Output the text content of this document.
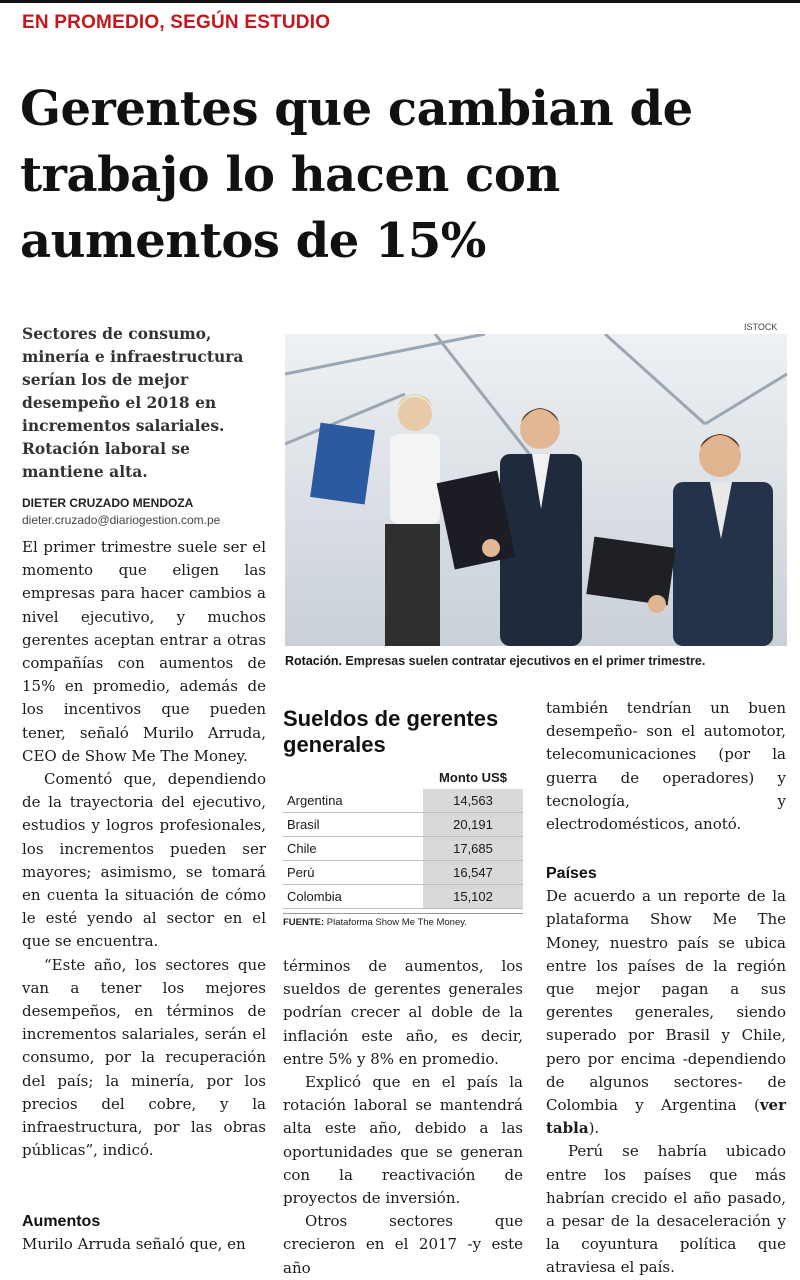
EN PROMEDIO, SEGÚN ESTUDIO
Gerentes que cambian de trabajo lo hacen con aumentos de 15%
Sectores de consumo, minería e infraestructura serían los de mejor desempeño el 2018 en incrementos salariales. Rotación laboral se mantiene alta.
DIETER CRUZADO MENDOZA
dieter.cruzado@diariogestion.com.pe
ISTOCK
Rotación. Empresas suelen contratar ejecutivos en el primer trimestre.

El primer trimestre suele ser el momento que eligen las empresas para hacer cambios a nivel ejecutivo, y muchos gerentes aceptan entrar a otras compañías con aumentos de 15% en promedio, además de los incentivos que pueden tener, señaló Murilo Arruda, CEO de Show Me The Money.

Comentó que, dependiendo de la trayectoria del ejecutivo, estudios y logros profesionales, los incrementos pueden ser mayores; asimismo, se tomará en cuenta la situación de cómo le esté yendo al sector en el que se encuentra.

“Este año, los sectores que van a tener los mejores desempeños, en términos de incrementos salariales, serán el consumo, por la recuperación del país; la minería, por los precios del cobre, y la infraestructura, por las obras públicas”, indicó.

Aumentos

Murilo Arruda señaló que, en

Sueldos de gerentes generales
	Monto US$
Argentina	14,563
Brasil	20,191
Chile	17,685
Perú	16,547
Colombia	15,102
FUENTE: Plataforma Show Me The Money.

términos de aumentos, los sueldos de gerentes generales podrían crecer al doble de la inflación este año, es decir, entre 5% y 8% en promedio.

Explicó que en el país la rotación laboral se mantendrá alta este año, debido a las oportunidades que se generan con la reactivación de proyectos de inversión.

Otros sectores que crecieron en el 2017 -y este año

también tendrían un buen desempeño- son el automotor, telecomunicaciones (por la guerra de operadores) y tecnología, y electrodomésticos, anotó.

Países

De acuerdo a un reporte de la plataforma Show Me The Money, nuestro país se ubica entre los países de la región que mejor pagan a sus gerentes generales, siendo superado por Brasil y Chile, pero por encima -dependiendo de algunos sectores- de Colombia y Argentina (ver tabla).

Perú se habría ubicado entre los países que más habrían crecido el año pasado, a pesar de la desaceleración y la coyuntura política que atraviesa el país.
